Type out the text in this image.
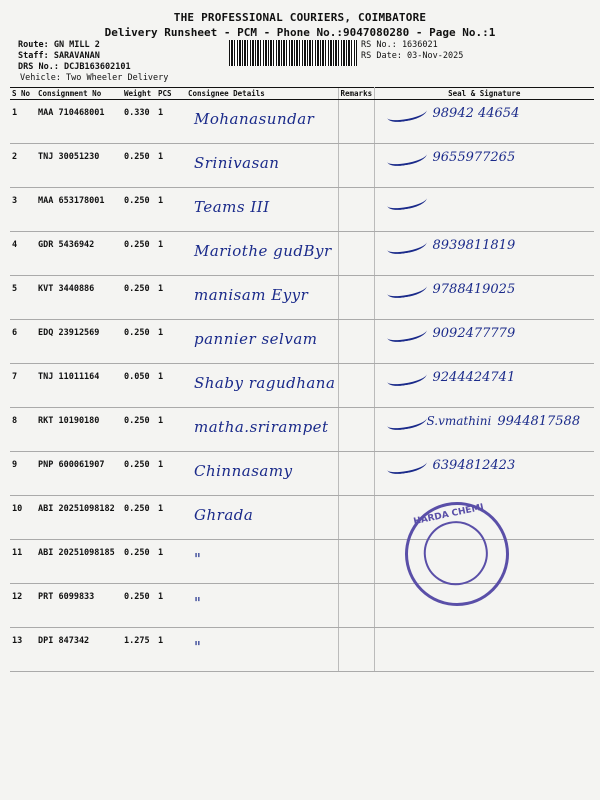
THE PROFESSIONAL COURIERS, COIMBATORE
Delivery Runsheet - PCM - Phone No.:9047080280 - Page No.:1
Route: GN MILL 2
Staff: SARAVANAN
DRS No.: DCJB163602101
Vehicle: Two Wheeler Delivery
RS No.: 1636021
RS Date: 03-Nov-2025
S No	Consignment No	Weight	PCS	Consignee Details	Remarks	Seal & Signature
1	MAA 710468001	0.330	1	Mohanasundar		98942 44654

2	TNJ 30051230	0.250	1	Srinivasan		9655977265

3	MAA 653178001	0.250	1	Teams III		

4	GDR 5436942	0.250	1	Mariothe gudByr		8939811819

5	KVT 3440886	0.250	1	manisam Eyyr		9788419025

6	EDQ 23912569	0.250	1	pannier selvam		9092477779

7	TNJ 11011164	0.050	1	Shaby ragudhana		9244424741

8	RKT 10190180	0.250	1	matha.srirampet		S.vmathini 9944817588

9	PNP 600061907	0.250	1	Chinnasamy		6394812423

10	ABI 20251098182	0.250	1	Ghrada		

11	ABI 20251098185	0.250	1	"		

12	PRT 6099833	0.250	1	"		

13	DPI 847342	1.275	1	"		

HARDA CHEMI
